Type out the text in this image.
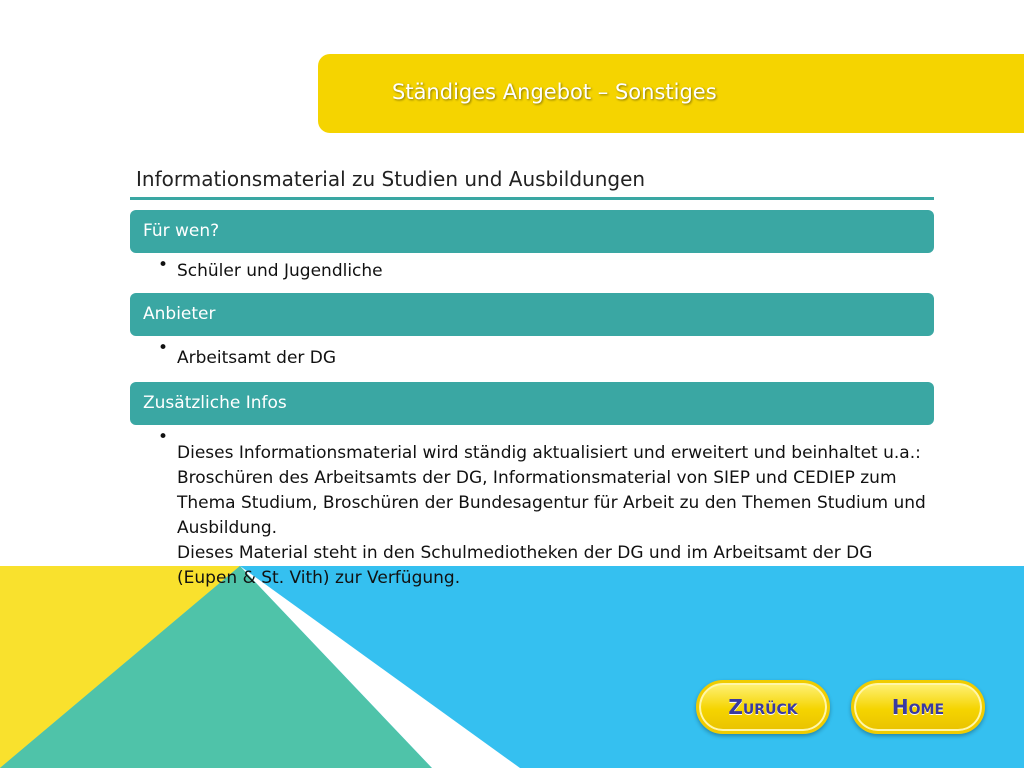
Ständiges Angebot – Sonstiges
Informationsmaterial zu Studien und Ausbildungen
Für wen?
• Schüler und Jugendliche
Anbieter
• Arbeitsamt der DG
Zusätzliche Infos

• Dieses Informationsmaterial wird ständig aktualisiert und erweitert und beinhaltet u.a.: Broschüren des Arbeitsamts der DG, Informationsmaterial von SIEP und CEDIEP zum Thema Studium, Broschüren der Bundesagentur für Arbeit zu den Themen Studium und Ausbildung.

Dieses Material steht in den Schulmediotheken der DG und im Arbeitsamt der DG (Eupen & St. Vith) zur Verfügung.

Zurück	Home
